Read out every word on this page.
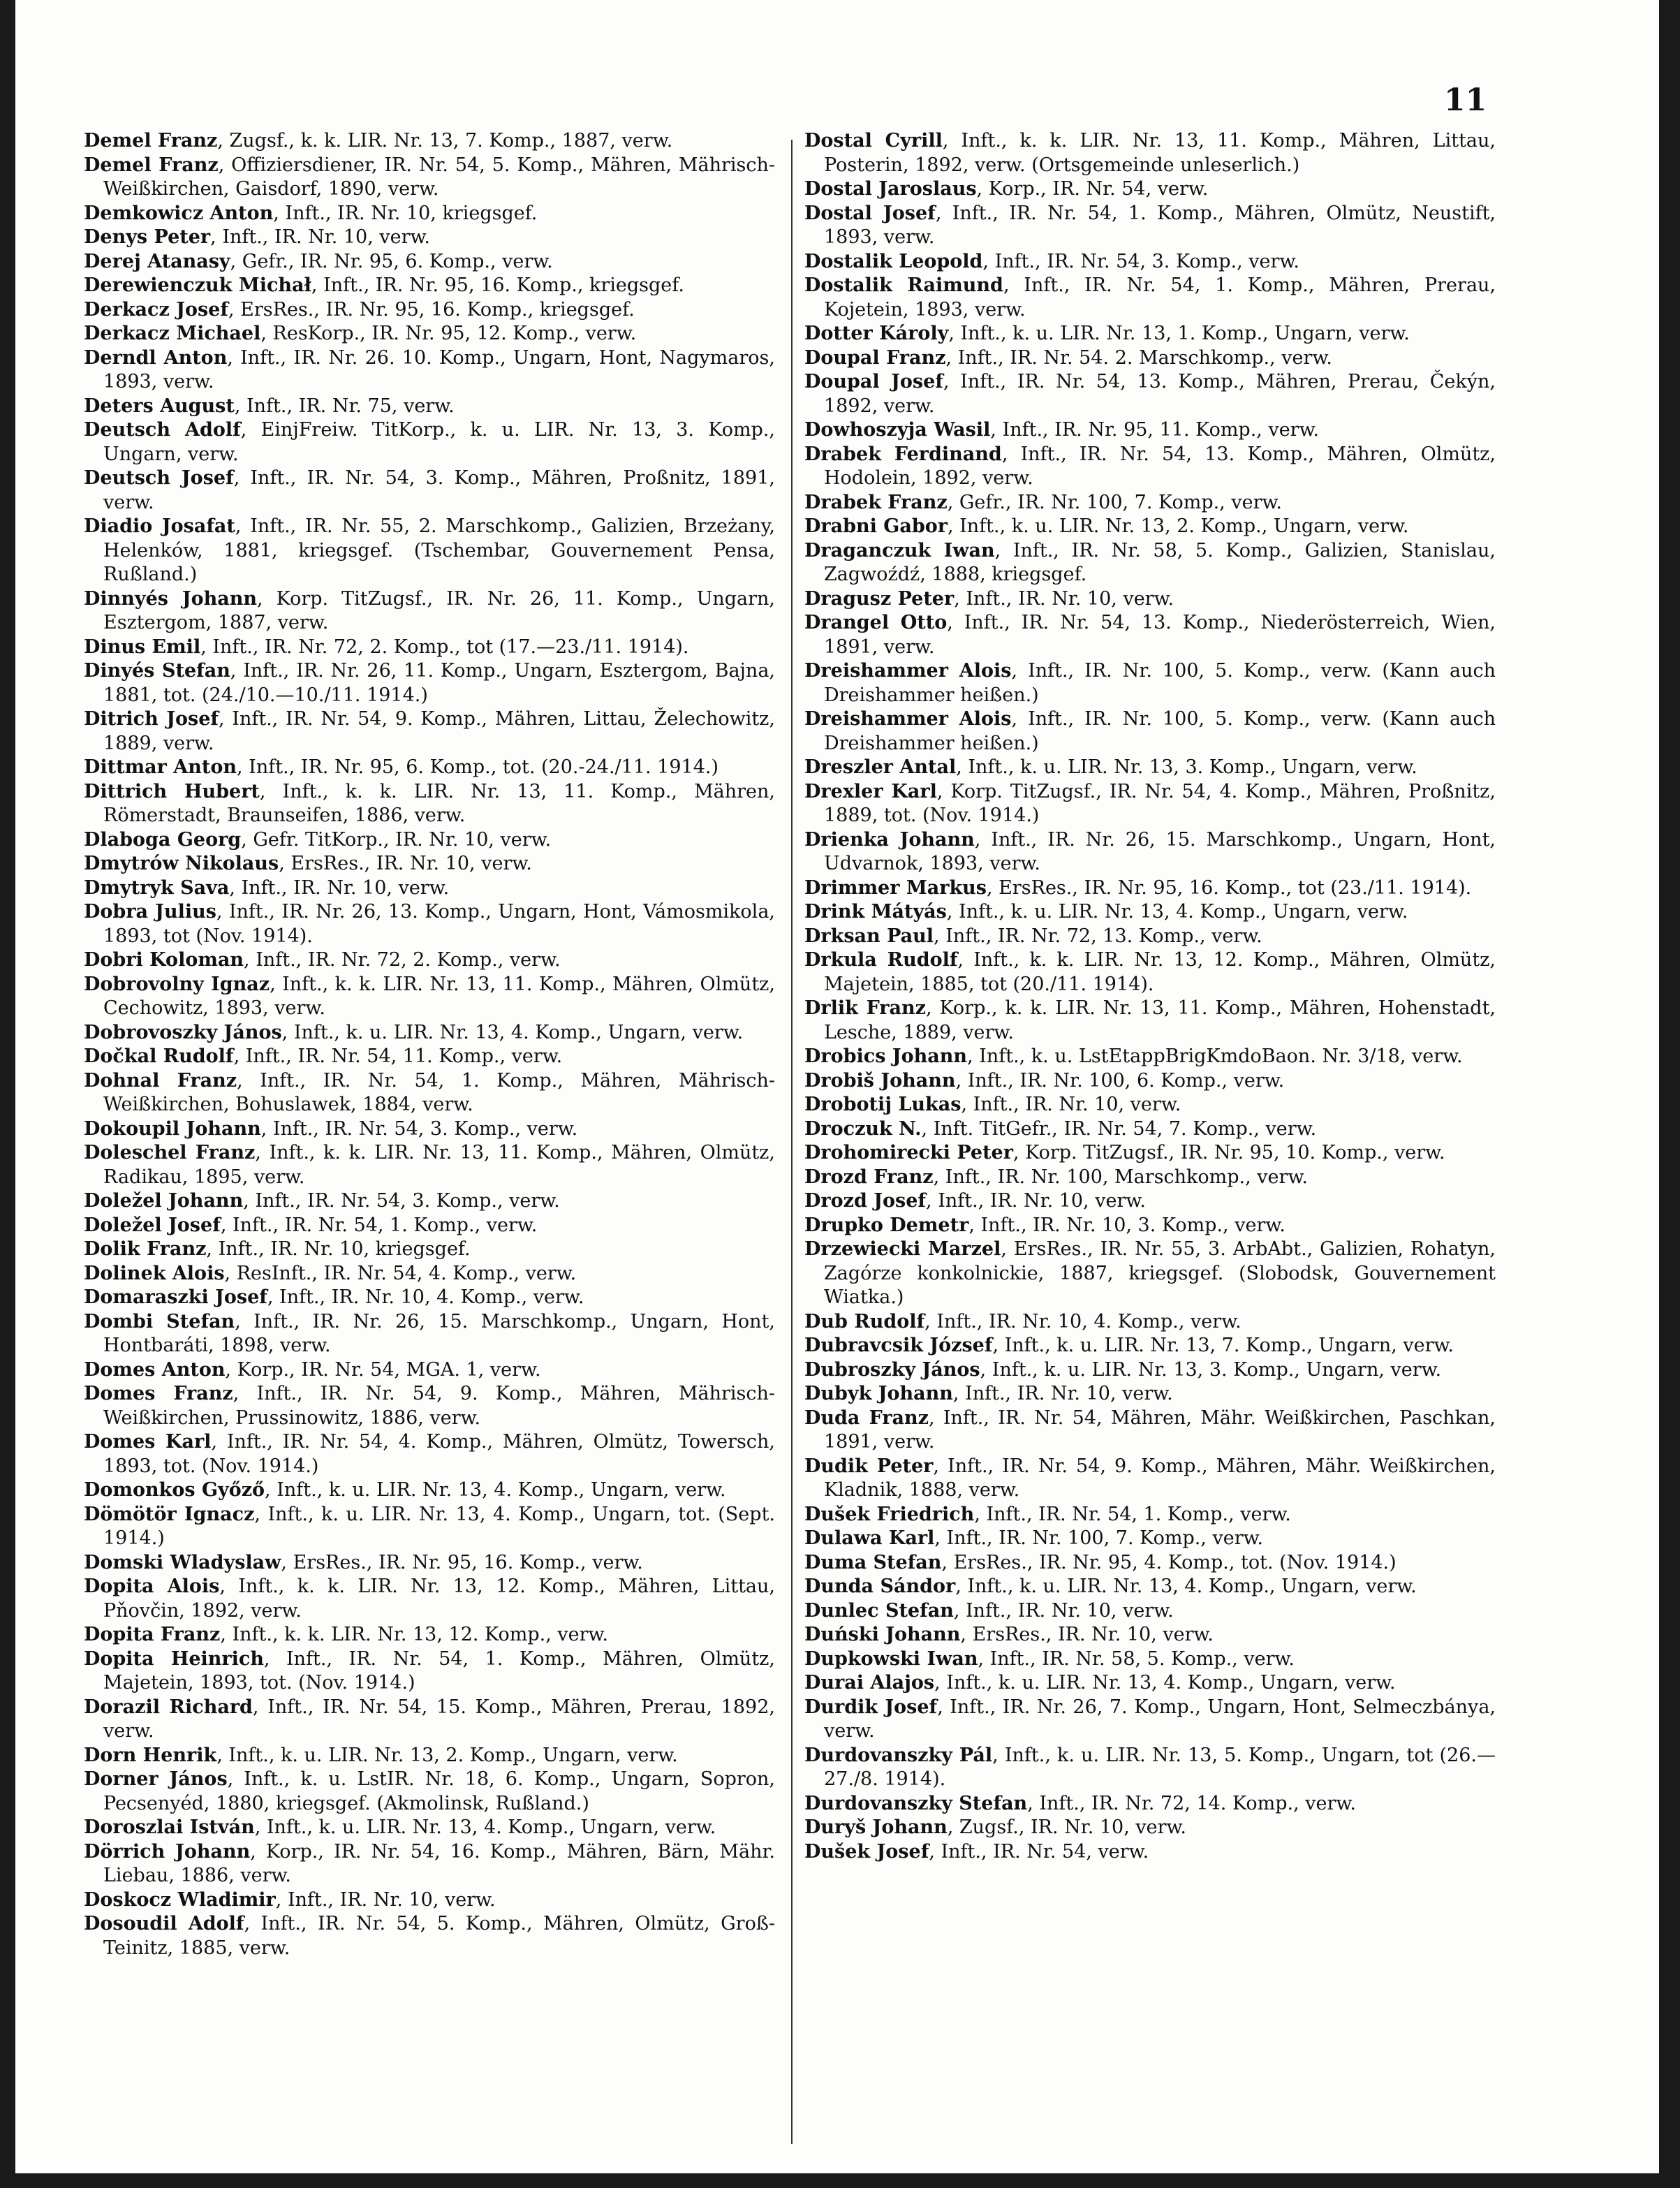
11

Demel Franz, Zugsf., k. k. LIR. Nr. 13, 7. Komp., 1887, verw.

Demel Franz, Offiziersdiener, IR. Nr. 54, 5. Komp., Mähren, Mährisch-Weißkirchen, Gaisdorf, 1890, verw.

Demkowicz Anton, Inft., IR. Nr. 10, kriegsgef.

Denys Peter, Inft., IR. Nr. 10, verw.

Derej Atanasy, Gefr., IR. Nr. 95, 6. Komp., verw.

Derewienczuk Michał, Inft., IR. Nr. 95, 16. Komp., kriegsgef.

Derkacz Josef, ErsRes., IR. Nr. 95, 16. Komp., kriegsgef.

Derkacz Michael, ResKorp., IR. Nr. 95, 12. Komp., verw.

Derndl Anton, Inft., IR. Nr. 26. 10. Komp., Ungarn, Hont, Nagymaros, 1893, verw.

Deters August, Inft., IR. Nr. 75, verw.

Deutsch Adolf, EinjFreiw. TitKorp., k. u. LIR. Nr. 13, 3. Komp., Ungarn, verw.

Deutsch Josef, Inft., IR. Nr. 54, 3. Komp., Mähren, Proßnitz, 1891, verw.

Diadio Josafat, Inft., IR. Nr. 55, 2. Marschkomp., Galizien, Brzeżany, Helenków, 1881, kriegsgef. (Tschembar, Gouvernement Pensa, Rußland.)

Dinnyés Johann, Korp. TitZugsf., IR. Nr. 26, 11. Komp., Ungarn, Esztergom, 1887, verw.

Dinus Emil, Inft., IR. Nr. 72, 2. Komp., tot (17.—23./11. 1914).

Dinyés Stefan, Inft., IR. Nr. 26, 11. Komp., Ungarn, Esztergom, Bajna, 1881, tot. (24./10.—10./11. 1914.)

Ditrich Josef, Inft., IR. Nr. 54, 9. Komp., Mähren, Littau, Želechowitz, 1889, verw.

Dittmar Anton, Inft., IR. Nr. 95, 6. Komp., tot. (20.-24./11. 1914.)

Dittrich Hubert, Inft., k. k. LIR. Nr. 13, 11. Komp., Mähren, Römerstadt, Braunseifen, 1886, verw.

Dlaboga Georg, Gefr. TitKorp., IR. Nr. 10, verw.

Dmytrów Nikolaus, ErsRes., IR. Nr. 10, verw.

Dmytryk Sava, Inft., IR. Nr. 10, verw.

Dobra Julius, Inft., IR. Nr. 26, 13. Komp., Ungarn, Hont, Vámosmikola, 1893, tot (Nov. 1914).

Dobri Koloman, Inft., IR. Nr. 72, 2. Komp., verw.

Dobrovolny Ignaz, Inft., k. k. LIR. Nr. 13, 11. Komp., Mähren, Olmütz, Cechowitz, 1893, verw.

Dobrovoszky János, Inft., k. u. LIR. Nr. 13, 4. Komp., Ungarn, verw.

Dočkal Rudolf, Inft., IR. Nr. 54, 11. Komp., verw.

Dohnal Franz, Inft., IR. Nr. 54, 1. Komp., Mähren, Mährisch-Weißkirchen, Bohuslawek, 1884, verw.

Dokoupil Johann, Inft., IR. Nr. 54, 3. Komp., verw.

Doleschel Franz, Inft., k. k. LIR. Nr. 13, 11. Komp., Mähren, Olmütz, Radikau, 1895, verw.

Doležel Johann, Inft., IR. Nr. 54, 3. Komp., verw.

Doležel Josef, Inft., IR. Nr. 54, 1. Komp., verw.

Dolik Franz, Inft., IR. Nr. 10, kriegsgef.

Dolinek Alois, ResInft., IR. Nr. 54, 4. Komp., verw.

Domaraszki Josef, Inft., IR. Nr. 10, 4. Komp., verw.

Dombi Stefan, Inft., IR. Nr. 26, 15. Marschkomp., Ungarn, Hont, Hontbaráti, 1898, verw.

Domes Anton, Korp., IR. Nr. 54, MGA. 1, verw.

Domes Franz, Inft., IR. Nr. 54, 9. Komp., Mähren, Mährisch-Weißkirchen, Prussinowitz, 1886, verw.

Domes Karl, Inft., IR. Nr. 54, 4. Komp., Mähren, Olmütz, Towersch, 1893, tot. (Nov. 1914.)

Domonkos Győző, Inft., k. u. LIR. Nr. 13, 4. Komp., Ungarn, verw.

Dömötör Ignacz, Inft., k. u. LIR. Nr. 13, 4. Komp., Ungarn, tot. (Sept. 1914.)

Domski Wladyslaw, ErsRes., IR. Nr. 95, 16. Komp., verw.

Dopita Alois, Inft., k. k. LIR. Nr. 13, 12. Komp., Mähren, Littau, Pňovčin, 1892, verw.

Dopita Franz, Inft., k. k. LIR. Nr. 13, 12. Komp., verw.

Dopita Heinrich, Inft., IR. Nr. 54, 1. Komp., Mähren, Olmütz, Majetein, 1893, tot. (Nov. 1914.)

Dorazil Richard, Inft., IR. Nr. 54, 15. Komp., Mähren, Prerau, 1892, verw.

Dorn Henrik, Inft., k. u. LIR. Nr. 13, 2. Komp., Ungarn, verw.

Dorner János, Inft., k. u. LstIR. Nr. 18, 6. Komp., Ungarn, Sopron, Pecsenyéd, 1880, kriegsgef. (Akmolinsk, Rußland.)

Doroszlai István, Inft., k. u. LIR. Nr. 13, 4. Komp., Ungarn, verw.

Dörrich Johann, Korp., IR. Nr. 54, 16. Komp., Mähren, Bärn, Mähr. Liebau, 1886, verw.

Doskocz Wladimir, Inft., IR. Nr. 10, verw.

Dosoudil Adolf, Inft., IR. Nr. 54, 5. Komp., Mähren, Olmütz, Groß-Teinitz, 1885, verw.

Dostal Cyrill, Inft., k. k. LIR. Nr. 13, 11. Komp., Mähren, Littau, Posterin, 1892, verw. (Ortsgemeinde unleserlich.)

Dostal Jaroslaus, Korp., IR. Nr. 54, verw.

Dostal Josef, Inft., IR. Nr. 54, 1. Komp., Mähren, Olmütz, Neustift, 1893, verw.

Dostalik Leopold, Inft., IR. Nr. 54, 3. Komp., verw.

Dostalik Raimund, Inft., IR. Nr. 54, 1. Komp., Mähren, Prerau, Kojetein, 1893, verw.

Dotter Károly, Inft., k. u. LIR. Nr. 13, 1. Komp., Ungarn, verw.

Doupal Franz, Inft., IR. Nr. 54. 2. Marschkomp., verw.

Doupal Josef, Inft., IR. Nr. 54, 13. Komp., Mähren, Prerau, Čekýn, 1892, verw.

Dowhoszyja Wasil, Inft., IR. Nr. 95, 11. Komp., verw.

Drabek Ferdinand, Inft., IR. Nr. 54, 13. Komp., Mähren, Olmütz, Hodolein, 1892, verw.

Drabek Franz, Gefr., IR. Nr. 100, 7. Komp., verw.

Drabni Gabor, Inft., k. u. LIR. Nr. 13, 2. Komp., Ungarn, verw.

Draganczuk Iwan, Inft., IR. Nr. 58, 5. Komp., Galizien, Stanislau, Zagwoźdź, 1888, kriegsgef.

Dragusz Peter, Inft., IR. Nr. 10, verw.

Drangel Otto, Inft., IR. Nr. 54, 13. Komp., Niederösterreich, Wien, 1891, verw.

Dreishammer Alois, Inft., IR. Nr. 100, 5. Komp., verw. (Kann auch Dreishammer heißen.)

Dreishammer Alois, Inft., IR. Nr. 100, 5. Komp., verw. (Kann auch Dreishammer heißen.)

Dreszler Antal, Inft., k. u. LIR. Nr. 13, 3. Komp., Ungarn, verw.

Drexler Karl, Korp. TitZugsf., IR. Nr. 54, 4. Komp., Mähren, Proßnitz, 1889, tot. (Nov. 1914.)

Drienka Johann, Inft., IR. Nr. 26, 15. Marschkomp., Ungarn, Hont, Udvarnok, 1893, verw.

Drimmer Markus, ErsRes., IR. Nr. 95, 16. Komp., tot (23./11. 1914).

Drink Mátyás, Inft., k. u. LIR. Nr. 13, 4. Komp., Ungarn, verw.

Drksan Paul, Inft., IR. Nr. 72, 13. Komp., verw.

Drkula Rudolf, Inft., k. k. LIR. Nr. 13, 12. Komp., Mähren, Olmütz, Majetein, 1885, tot (20./11. 1914).

Drlik Franz, Korp., k. k. LIR. Nr. 13, 11. Komp., Mähren, Hohenstadt, Lesche, 1889, verw.

Drobics Johann, Inft., k. u. LstEtappBrigKmdoBaon. Nr. 3/18, verw.

Drobiš Johann, Inft., IR. Nr. 100, 6. Komp., verw.

Drobotij Lukas, Inft., IR. Nr. 10, verw.

Droczuk N., Inft. TitGefr., IR. Nr. 54, 7. Komp., verw.

Drohomirecki Peter, Korp. TitZugsf., IR. Nr. 95, 10. Komp., verw.

Drozd Franz, Inft., IR. Nr. 100, Marschkomp., verw.

Drozd Josef, Inft., IR. Nr. 10, verw.

Drupko Demetr, Inft., IR. Nr. 10, 3. Komp., verw.

Drzewiecki Marzel, ErsRes., IR. Nr. 55, 3. ArbAbt., Galizien, Rohatyn, Zagórze konkolnickie, 1887, kriegsgef. (Slobodsk, Gouvernement Wiatka.)

Dub Rudolf, Inft., IR. Nr. 10, 4. Komp., verw.

Dubravcsik József, Inft., k. u. LIR. Nr. 13, 7. Komp., Ungarn, verw.

Dubroszky János, Inft., k. u. LIR. Nr. 13, 3. Komp., Ungarn, verw.

Dubyk Johann, Inft., IR. Nr. 10, verw.

Duda Franz, Inft., IR. Nr. 54, Mähren, Mähr. Weißkirchen, Paschkan, 1891, verw.

Dudik Peter, Inft., IR. Nr. 54, 9. Komp., Mähren, Mähr. Weißkirchen, Kladnik, 1888, verw.

Dušek Friedrich, Inft., IR. Nr. 54, 1. Komp., verw.

Dulawa Karl, Inft., IR. Nr. 100, 7. Komp., verw.

Duma Stefan, ErsRes., IR. Nr. 95, 4. Komp., tot. (Nov. 1914.)

Dunda Sándor, Inft., k. u. LIR. Nr. 13, 4. Komp., Ungarn, verw.

Dunlec Stefan, Inft., IR. Nr. 10, verw.

Duński Johann, ErsRes., IR. Nr. 10, verw.

Dupkowski Iwan, Inft., IR. Nr. 58, 5. Komp., verw.

Durai Alajos, Inft., k. u. LIR. Nr. 13, 4. Komp., Ungarn, verw.

Durdik Josef, Inft., IR. Nr. 26, 7. Komp., Ungarn, Hont, Selmeczbánya, verw.

Durdovanszky Pál, Inft., k. u. LIR. Nr. 13, 5. Komp., Ungarn, tot (26.—27./8. 1914).

Durdovanszky Stefan, Inft., IR. Nr. 72, 14. Komp., verw.

Duryš Johann, Zugsf., IR. Nr. 10, verw.

Dušek Josef, Inft., IR. Nr. 54, verw.
